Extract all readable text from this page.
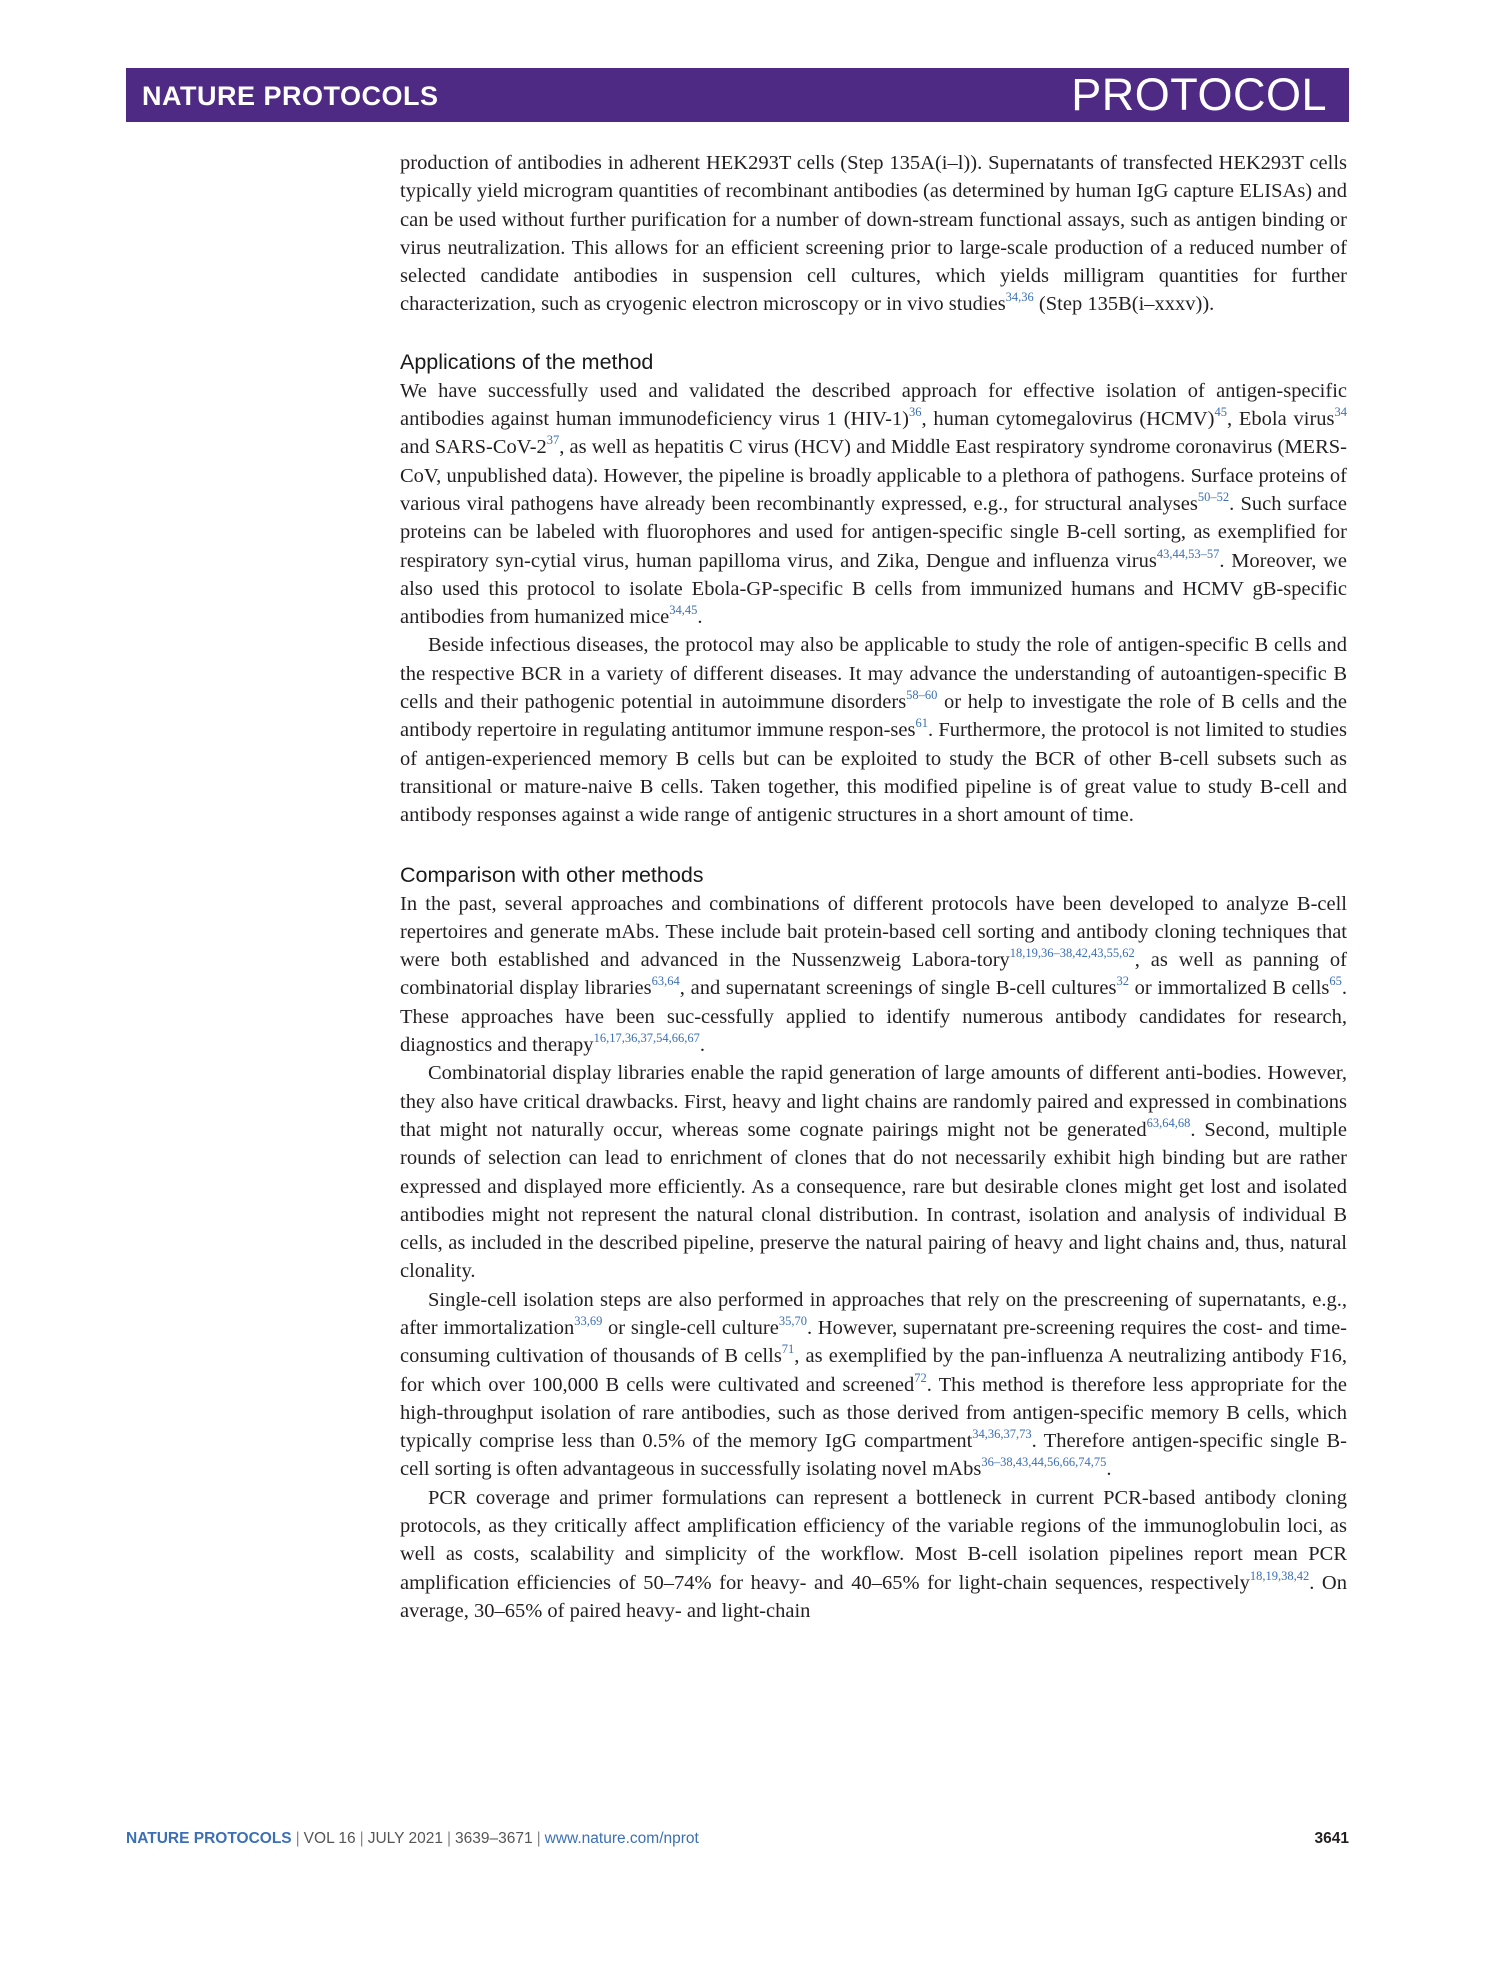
NATURE PROTOCOLS	PROTOCOL

production of antibodies in adherent HEK293T cells (Step 135A(i–l)). Supernatants of transfected HEK293T cells typically yield microgram quantities of recombinant antibodies (as determined by human IgG capture ELISAs) and can be used without further purification for a number of down-stream functional assays, such as antigen binding or virus neutralization. This allows for an efficient screening prior to large-scale production of a reduced number of selected candidate antibodies in suspension cell cultures, which yields milligram quantities for further characterization, such as cryogenic electron microscopy or in vivo studies$^{34,36}$ (Step 135B(i–xxxv)).

Applications of the method

We have successfully used and validated the described approach for effective isolation of antigen-specific antibodies against human immunodeficiency virus 1 $(HIV-1)^{36}$, human cytomegalovirus (HCMV)$^{45}$, Ebola virus$^{34}$ and SARS-$CoV-2^{37}$, as well as hepatitis C virus (HCV) and Middle East respiratory syndrome coronavirus (MERS-CoV, unpublished data). However, the pipeline is broadly applicable to a plethora of pathogens. Surface proteins of various viral pathogens have already been recombinantly expressed, e.g., for structural analyses$^{50-52}$. Such surface proteins can be labeled with fluorophores and used for antigen-specific single B-cell sorting, as exemplified for respiratory syn-cytial virus, human papilloma virus, and Zika, Dengue and influenza virus$^{43,44,53-57}$. Moreover, we also used this protocol to isolate Ebola-GP-specific B cells from immunized humans and HCMV gB-specific antibodies from humanized mice$^{34,45}$.

Beside infectious diseases, the protocol may also be applicable to study the role of antigen-specific B cells and the respective BCR in a variety of different diseases. It may advance the understanding of autoantigen-specific B cells and their pathogenic potential in autoimmune disorders$^{58-60}$ or help to investigate the role of B cells and the antibody repertoire in regulating antitumor immune respon-ses$^{61}$. Furthermore, the protocol is not limited to studies of antigen-experienced memory B cells but can be exploited to study the BCR of other B-cell subsets such as transitional or mature-naive B cells. Taken together, this modified pipeline is of great value to study B-cell and antibody responses against a wide range of antigenic structures in a short amount of time.

Comparison with other methods

In the past, several approaches and combinations of different protocols have been developed to analyze B-cell repertoires and generate mAbs. These include bait protein-based cell sorting and antibody cloning techniques that were both established and advanced in the Nussenzweig Labora-tory$^{18,19,36-38,42,43,55,62}$, as well as panning of combinatorial display libraries$^{63,64}$, and supernatant screenings of single B-cell cultures$^{32}$ or immortalized B cells$^{65}$. These approaches have been suc-cessfully applied to identify numerous antibody candidates for research, diagnostics and therapy$^{16,17,36,37,54,66,67}$.

Combinatorial display libraries enable the rapid generation of large amounts of different anti-bodies. However, they also have critical drawbacks. First, heavy and light chains are randomly paired and expressed in combinations that might not naturally occur, whereas some cognate pairings might not be generated$^{63,64,68}$. Second, multiple rounds of selection can lead to enrichment of clones that do not necessarily exhibit high binding but are rather expressed and displayed more efficiently. As a consequence, rare but desirable clones might get lost and isolated antibodies might not represent the natural clonal distribution. In contrast, isolation and analysis of individual B cells, as included in the described pipeline, preserve the natural pairing of heavy and light chains and, thus, natural clonality.

Single-cell isolation steps are also performed in approaches that rely on the prescreening of supernatants, e.g., after immortalization$^{33,69}$ or single-cell culture$^{35,70}$. However, supernatant pre-screening requires the cost- and time-consuming cultivation of thousands of B cells$^{71}$, as exemplified by the pan-influenza A neutralizing antibody F16, for which over 100,000 B cells were cultivated and screened$^{72}$. This method is therefore less appropriate for the high-throughput isolation of rare antibodies, such as those derived from antigen-specific memory B cells, which typically comprise less than 0.5% of the memory IgG compartment$^{34,36,37,73}$. Therefore antigen-specific single B-cell sorting is often advantageous in successfully isolating novel mAbs$^{36-38,43,44,56,66,74,75}$.

PCR coverage and primer formulations can represent a bottleneck in current PCR-based antibody cloning protocols, as they critically affect amplification efficiency of the variable regions of the immunoglobulin loci, as well as costs, scalability and simplicity of the workflow. Most B-cell isolation pipelines report mean PCR amplification efficiencies of 50–74% for heavy- and 40–65% for light-chain sequences, respectively$^{18,19,38,42}$. On average, 30–65% of paired heavy- and light-chain

NATURE PROTOCOLS | VOL 16 | JULY 2021 | 3639–3671 | www.nature.com/nprot	3641
